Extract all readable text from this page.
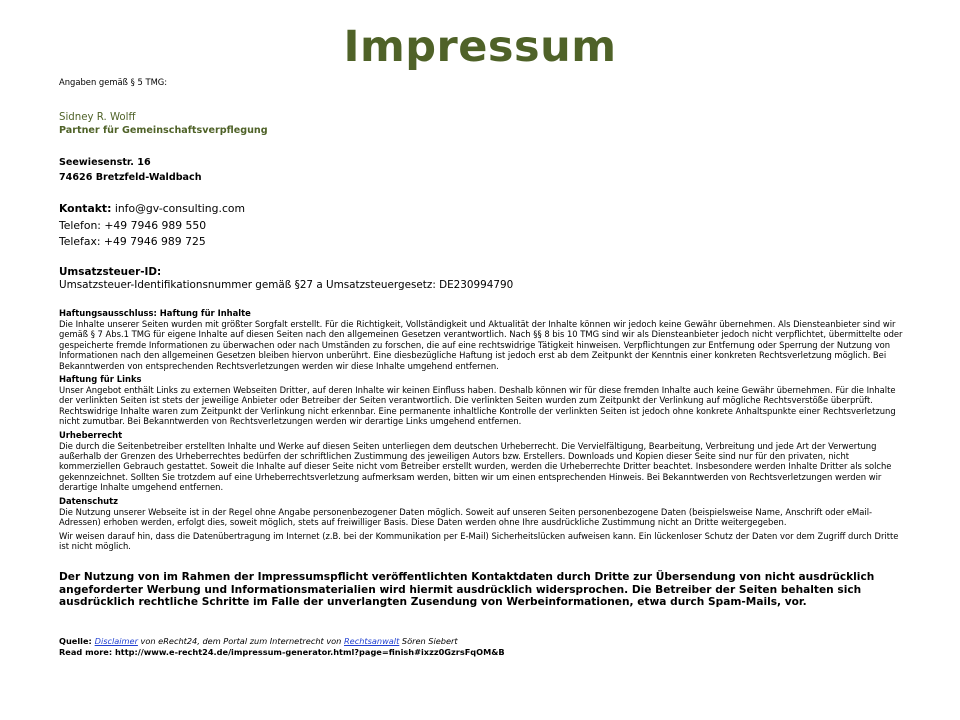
Impressum
Angaben gemäß § 5 TMG:

Sidney R. Wolff

Partner für Gemeinschaftsverpflegung

Seewiesenstr. 16

74626 Bretzfeld-Waldbach

Kontakt: info@gv-consulting.com

Telefon: +49 7946 989 550

Telefax: +49 7946 989 725

Umsatzsteuer-ID:

Umsatzsteuer-Identifikationsnummer gemäß §27 a Umsatzsteuergesetz: DE230994790

Haftungsausschluss: Haftung für Inhalte

Die Inhalte unserer Seiten wurden mit größter Sorgfalt erstellt. Für die Richtigkeit, Vollständigkeit und Aktualität der Inhalte können wir jedoch keine Gewähr übernehmen. Als Diensteanbieter sind wir gemäß § 7 Abs.1 TMG für eigene Inhalte auf diesen Seiten nach den allgemeinen Gesetzen verantwortlich. Nach §§ 8 bis 10 TMG sind wir als Diensteanbieter jedoch nicht verpflichtet, übermittelte oder gespeicherte fremde Informationen zu überwachen oder nach Umständen zu forschen, die auf eine rechtswidrige Tätigkeit hinweisen. Verpflichtungen zur Entfernung oder Sperrung der Nutzung von Informationen nach den allgemeinen Gesetzen bleiben hiervon unberührt. Eine diesbezügliche Haftung ist jedoch erst ab dem Zeitpunkt der Kenntnis einer konkreten Rechtsverletzung möglich. Bei Bekanntwerden von entsprechenden Rechtsverletzungen werden wir diese Inhalte umgehend entfernen.

Haftung für Links

Unser Angebot enthält Links zu externen Webseiten Dritter, auf deren Inhalte wir keinen Einfluss haben. Deshalb können wir für diese fremden Inhalte auch keine Gewähr übernehmen. Für die Inhalte der verlinkten Seiten ist stets der jeweilige Anbieter oder Betreiber der Seiten verantwortlich. Die verlinkten Seiten wurden zum Zeitpunkt der Verlinkung auf mögliche Rechtsverstöße überprüft. Rechtswidrige Inhalte waren zum Zeitpunkt der Verlinkung nicht erkennbar. Eine permanente inhaltliche Kontrolle der verlinkten Seiten ist jedoch ohne konkrete Anhaltspunkte einer Rechtsverletzung nicht zumutbar. Bei Bekanntwerden von Rechtsverletzungen werden wir derartige Links umgehend entfernen.

Urheberrecht

Die durch die Seitenbetreiber erstellten Inhalte und Werke auf diesen Seiten unterliegen dem deutschen Urheberrecht. Die Vervielfältigung, Bearbeitung, Verbreitung und jede Art der Verwertung außerhalb der Grenzen des Urheberrechtes bedürfen der schriftlichen Zustimmung des jeweiligen Autors bzw. Erstellers. Downloads und Kopien dieser Seite sind nur für den privaten, nicht kommerziellen Gebrauch gestattet. Soweit die Inhalte auf dieser Seite nicht vom Betreiber erstellt wurden, werden die Urheberrechte Dritter beachtet. Insbesondere werden Inhalte Dritter als solche gekennzeichnet. Sollten Sie trotzdem auf eine Urheberrechtsverletzung aufmerksam werden, bitten wir um einen entsprechenden Hinweis. Bei Bekanntwerden von Rechtsverletzungen werden wir derartige Inhalte umgehend entfernen.

Datenschutz

Die Nutzung unserer Webseite ist in der Regel ohne Angabe personenbezogener Daten möglich. Soweit auf unseren Seiten personenbezogene Daten (beispielsweise Name, Anschrift oder eMail-Adressen) erhoben werden, erfolgt dies, soweit möglich, stets auf freiwilliger Basis. Diese Daten werden ohne Ihre ausdrückliche Zustimmung nicht an Dritte weitergegeben.

Wir weisen darauf hin, dass die Datenübertragung im Internet (z.B. bei der Kommunikation per E-Mail) Sicherheitslücken aufweisen kann. Ein lückenloser Schutz der Daten vor dem Zugriff durch Dritte ist nicht möglich.

Der Nutzung von im Rahmen der Impressumspflicht veröffentlichten Kontaktdaten durch Dritte zur Übersendung von nicht ausdrücklich angeforderter Werbung und Informationsmaterialien wird hiermit ausdrücklich widersprochen. Die Betreiber der Seiten behalten sich ausdrücklich rechtliche Schritte im Falle der unverlangten Zusendung von Werbeinformationen, etwa durch Spam-Mails, vor.

Quelle: Disclaimer von eRecht24, dem Portal zum Internetrecht von Rechtsanwalt Sören Siebert

Read more: http://www.e-recht24.de/impressum-generator.html?page=finish#ixzz0GzrsFqOM&B
